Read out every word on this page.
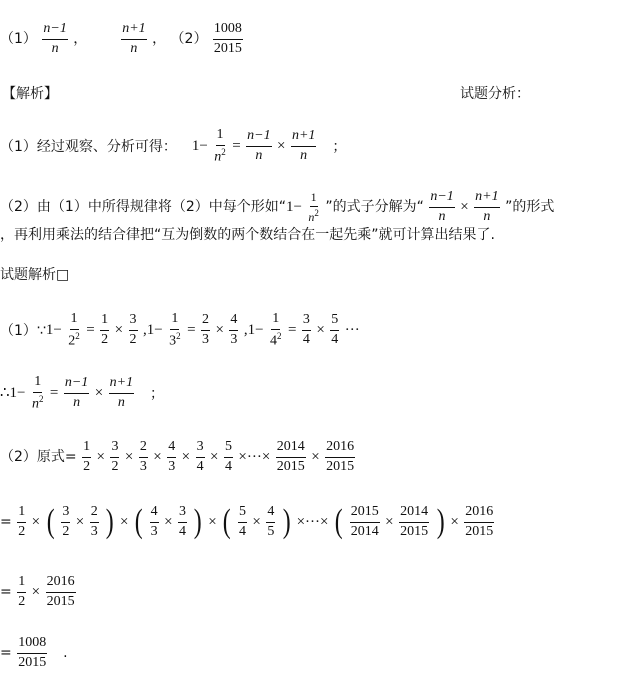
$(1) \frac{n-1}{n}$ ， $\frac{n+1}{n}$ ， $(2) \frac{1008}{2015}$
【解析】	试题分析：
（1）经过观察、分析可得： $1- \frac{1}{n^2} = \frac{n-1}{n} \times \frac{n+1}{n}$ ；
（2）由（1）中所得规律将（2）中每个形如“$1- \frac{1}{n^2}$ ”的式子分解为“ $\frac{n-1}{n} \times \frac{n+1}{n}$ ”的形式
，再利用乘法的结合律把“互为倒数的两个数结合在一起先乘”就可计算出结果了.
试题解析□
（1）∵1− $\frac{1}{2^2} = \frac{1}{2} \times \frac{3}{2} ,1- \frac{1}{3^2} = \frac{2}{3} \times \frac{4}{3} ,1- \frac{1}{4^2} = \frac{3}{4} \times \frac{5}{4}$ ···
∴1− $\frac{1}{n^2} = \frac{n-1}{n} \times \frac{n+1}{n}$ ；
（2）原式= $\frac{1}{2} \times \frac{3}{2} \times \frac{2}{3} \times \frac{4}{3} \times \frac{3}{4} \times \frac{5}{4}$ ×···× $\frac{2014}{2015} \times \frac{2016}{2015}$
= $\frac{1}{2}$ × ( $\frac{3}{2} \times \frac{2}{3}$ ) × ( $\frac{4}{3} \times \frac{3}{4}$ ) × ( $\frac{5}{4} \times \frac{4}{5}$ ) ×···× ( $\frac{2015}{2014} \times \frac{2014}{2015}$ ) × $\frac{2016}{2015}$
= $\frac{1}{2} \times \frac{2016}{2015}$
= $\frac{1008}{2015}$ .
